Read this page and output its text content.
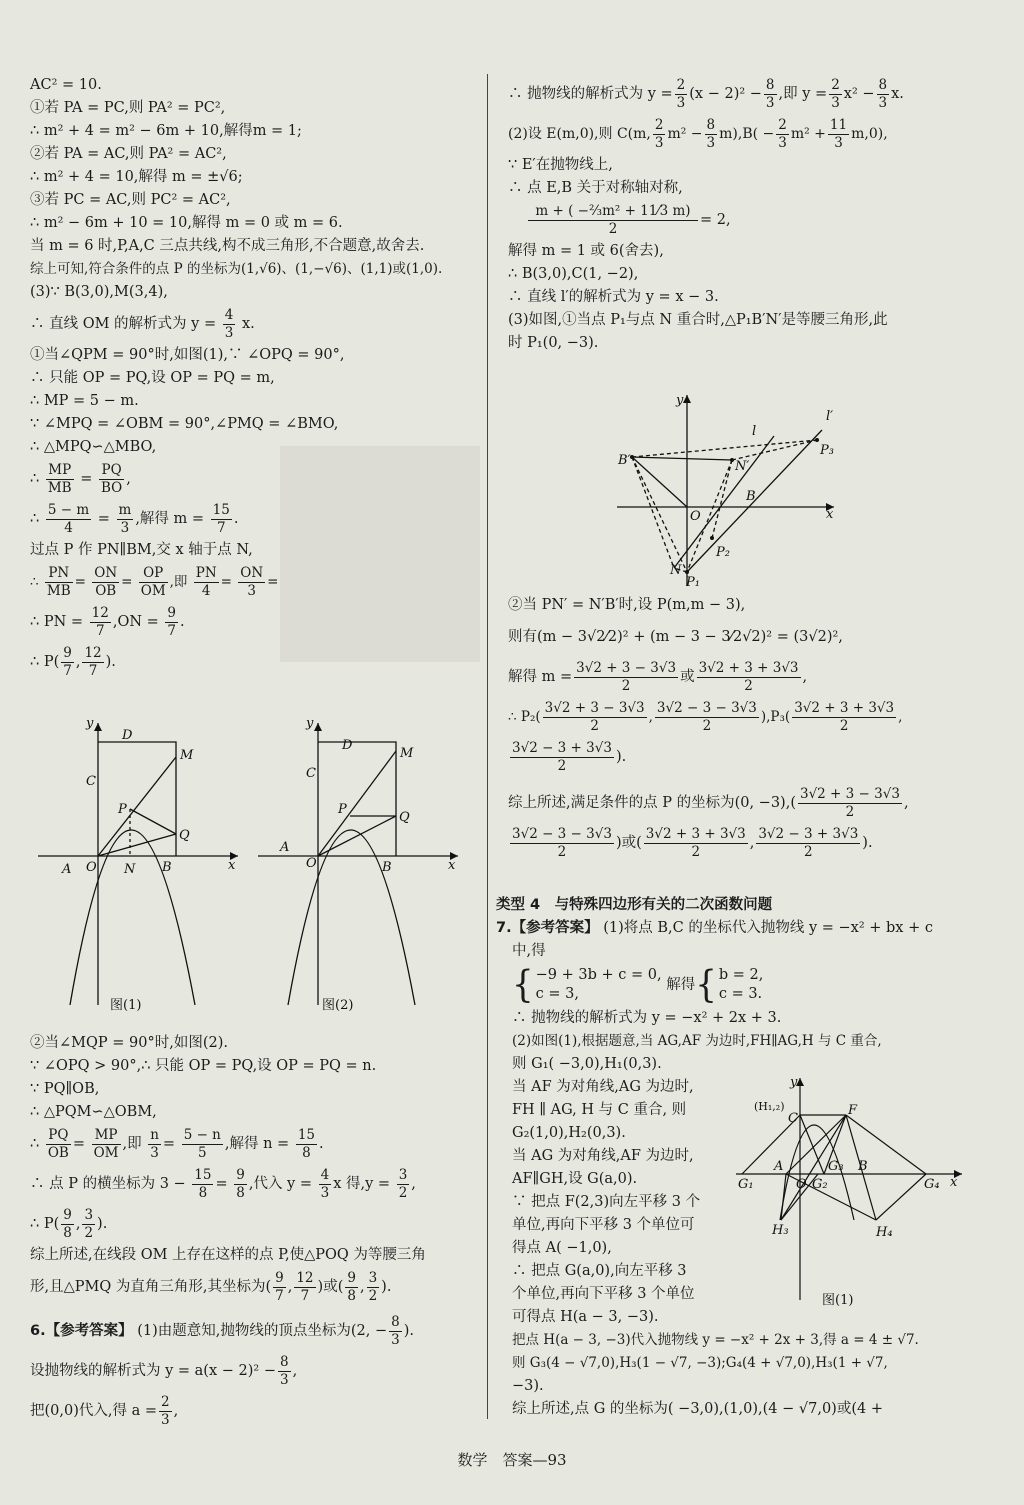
AC² = 10.
①若 PA = PC,则 PA² = PC²,
∴ m² + 4 = m² − 6m + 10,解得m = 1;
②若 PA = AC,则 PA² = AC²,
∴ m² + 4 = 10,解得 m = ±√6;
③若 PC = AC,则 PC² = AC²,
∴ m² − 6m + 10 = 10,解得 m = 0 或 m = 6.
当 m = 6 时,P,A,C 三点共线,构不成三角形,不合题意,故舍去.
综上可知,符合条件的点 P 的坐标为(1,√6)、(1,−√6)、(1,1)或(1,0).
(3)∵ B(3,0),M(3,4),
∴ 直线 OM 的解析式为 $y = \frac{4}{3} x$.
①当∠QPM = 90°时,如图(1),∵ ∠OPQ = 90°,
∴ 只能 OP = PQ,设 OP = PQ = m,
∴ MP = 5 − m.
∵ ∠MPQ = ∠OBM = 90°,∠PMQ = ∠BMO,
∴ △MPQ∽△MBO,
∴ $\frac{MP}{MB} = \frac{PQ}{BO}$ ,
∴ $\frac{5 - m}{4} = \frac{m}{3}$ ,解得 $m = \frac{15}{7}$ .
过点 P 作 PN∥BM,交 x 轴于点 N,
∴ $\frac{PN}{MB} = \frac{ON}{OB} = \frac{OP}{OM}$ ,即 $\frac{PN}{4} = \frac{ON}{3}$ =
∴ PN = $\frac{12}{7} ,ON = \frac{9}{7}$ .
∴ $P( \frac{9}{7}$ , $\frac{12}{7}$ ).
y
x
D
M
C
P
Q
A O N B
图(1)
y
x
D
M
C
P
Q
A
O	B
图(2)
②当∠MQP = 90°时,如图(2).
∵ ∠OPQ > 90°,∴ 只能 OP = PQ,设 OP = PQ = n.
∵ PQ∥OB,
∴ △PQM∽△OBM,
∴ $\frac{PQ}{OB} = \frac{MP}{OM}$ ,即 $\frac{n}{3} = \frac{5 - n}{5}$ ,解得 $n = \frac{15}{8}$ .
∴ 点 P 的横坐标为 $3 - \frac{15}{8} = \frac{9}{8}$ ,代入 $y = \frac{4}{3}$ x 得$,y = \frac{3}{2}$ ,
∴ $P( \frac{9}{8}$ , $\frac{3}{2}$ ).
综上所述,在线段 OM 上存在这样的点 P,使△POQ 为等腰三角
形,且△PMQ 为直角三角形,其坐标为( $\frac{9}{7}$ , $\frac{12}{7}$ )或( $\frac{9}{8}$ , $\frac{3}{2}$ ).
6.【参考答案】 (1)由题意知,抛物线的顶点坐标为(2, − $\frac{8}{3}$ ).
设抛物线的解析式为 $y = a(x - 2)^2 - \frac{8}{3}$ ,
把(0,0)代入,得 $a = \frac{2}{3}$ ,
∴ 抛物线的解析式为 $y = \frac{2}{3} (x - 2)^2 - \frac{8}{3}$ ,即 $y = \frac{2}{3} x^2 - \frac{8}{3} x$.
(2)设 E(m,0),则 C(m, $\frac{2}{3} m^2 - \frac{8}{3} m),B( - \frac{2}{3} m^2 + \frac{11}{3} m,0)$,
∵ E′在抛物线上,
∴ 点 E,B 关于对称轴对称,
$\frac{\text{m + ( −⅔m² + 11⁄3 m)}}{2} = 2$,
解得 m = 1 或 6(舍去),
∴ B(3,0),C(1, −2),
∴ 直线 l′的解析式为 y = x − 3.
(3)如图,①当点 P₁与点 N 重合时,△P₁B′N′是等腰三角形,此
时 P₁(0, −3).
y
x
l
l′
B′	N′
P₃
B
O
P₂
N
P₁
②当 PN′ = N′B′时,设 P(m,m − 3),
则有(m − 3√2⁄2)² + (m − 3 − 3⁄2√2)² = (3√2)²,
解得 $m = \frac{3√2 + 3 - 3√3}{2}$ 或 $\frac{3√2 + 3 + 3√3}{2}$ ,
∴ $P_2( \frac{3√2 + 3 - 3√3}{2}$ , $\frac{3√2 - 3 - 3√3}{2} ),P_3( \frac{3√2 + 3 + 3√3}{2}$ ,
$\frac{3√2 - 3 + 3√3}{2}$ ).
综上所述,满足条件的点 P 的坐标为(0, $-3),( \frac{3√2 + 3 - 3√3}{2}$ ,
$\frac{3√2 - 3 - 3√3}{2}$ )或( $\frac{3√2 + 3 + 3√3}{2}$ , $\frac{3√2 - 3 + 3√3}{2}$ ).
类型 4　与特殊四边形有关的二次函数问题
7.【参考答案】 (1)将点 B,C 的坐标代入抛物线 y = −x² + bx + c
中,得
{ −9 + 3b + c = 0,
c = 3,
解得{ b = 2,
c = 3.
∴ 抛物线的解析式为 y = −x² + 2x + 3.
(2)如图(1),根据题意,当 AG,AF 为边时,FH∥AG,H 与 C 重合,
则 G₁( −3,0),H₁(0,3).
当 AF 为对角线,AG 为边时,
FH ∥ AG, H 与 C 重合, 则
G₂(1,0),H₂(0,3).
当 AG 为对角线,AF 为边时,
AF∥GH,设 G(a,0).
∵ 把点 F(2,3)向左平移 3 个
单位,再向下平移 3 个单位可
得点 A( −1,0),
∴ 把点 G(a,0),向左平移 3
个单位,再向下平移 3 个单位
可得点 H(a − 3, −3).
把点 H(a − 3, −3)代入抛物线 y = −x² + 2x + 3,得 a = 4 ± √7.
则 G₃(4 − √7,0),H₃(1 − √7, −3);G₄(4 + √7,0),H₃(1 + √7,
−3).
综上所述,点 G 的坐标为( −3,0),(1,0),(4 − √7,0)或(4 +
y
x
(H₁,₂)
C
F
A
O
G₃ B
G₁	G₂	G₄
H₃	H₄
图(1)
数学　答案—93
